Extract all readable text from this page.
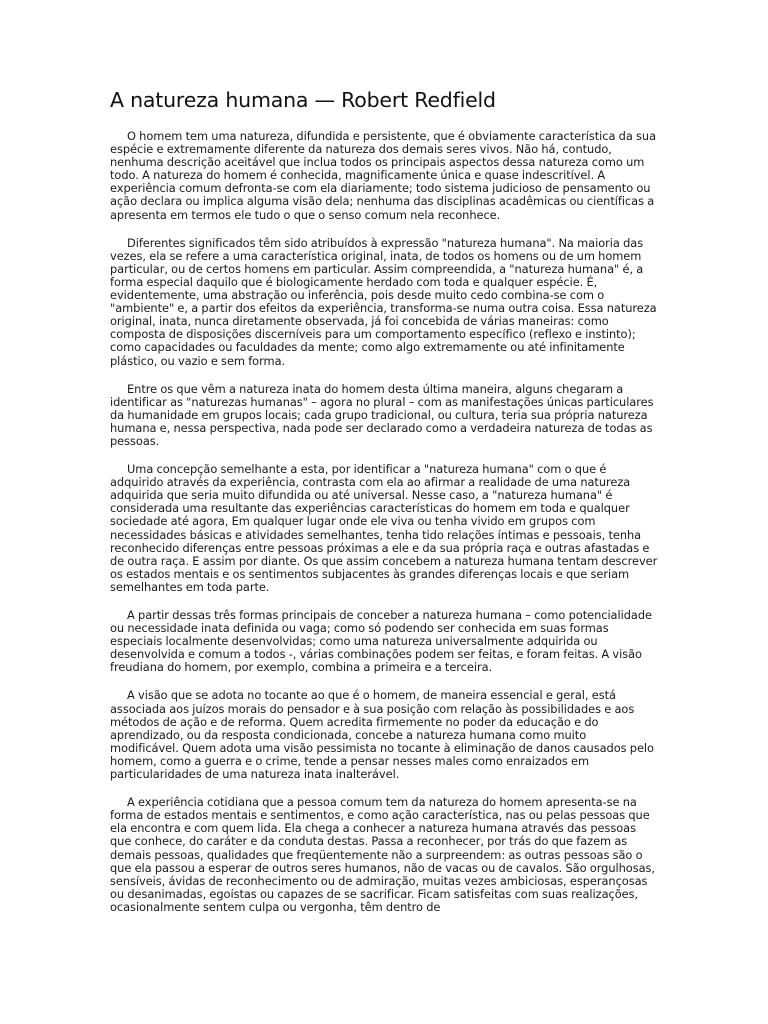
A natureza humana — Robert Redfield

O homem tem uma natureza, difundida e persistente, que é obviamente característica da sua espécie e extremamente diferente da natureza dos demais seres vivos. Não há, contudo, nenhuma descrição aceitável que inclua todos os principais aspectos dessa natureza como um todo. A natureza do homem é conhecida, magnificamente única e quase indescritível. A experiência comum defronta-se com ela diariamente; todo sistema judicioso de pensamento ou ação declara ou implica alguma visão dela; nenhuma das disciplinas acadêmicas ou científicas a apresenta em termos ele tudo o que o senso comum nela reconhece.

Diferentes significados têm sido atribuídos à expressão "natureza humana". Na maioria das vezes, ela se refere a uma característica original, inata, de todos os homens ou de um homem particular, ou de certos homens em particular. Assim compreendida, a "natureza humana" é, a forma especial daquilo que é biologicamente herdado com toda e qualquer espécie. É, evidentemente, uma abstração ou inferência, pois desde muito cedo combina-se com o "ambiente" e, a partir dos efeitos da experiência, transforma-se numa outra coisa. Essa natureza original, inata, nunca diretamente observada, já foi concebida de várias maneiras: como composta de disposições discerníveis para um comportamento específico (reflexo e instinto); como capacidades ou faculdades da mente; como algo extremamente ou até infinitamente plástico, ou vazio e sem forma.

Entre os que vêm a natureza inata do homem desta última maneira, alguns chegaram a identificar as "naturezas humanas" – agora no plural – com as manifestações únicas particulares da humanidade em grupos locais; cada grupo tradicional, ou cultura, teria sua própria natureza humana e, nessa perspectiva, nada pode ser declarado como a verdadeira natureza de todas as pessoas.

Uma concepção semelhante a esta, por identificar a "natureza humana" com o que é adquirido através da experiência, contrasta com ela ao afirmar a realidade de uma natureza adquirida que seria muito difundida ou até universal. Nesse caso, a "natureza humana" é considerada uma resultante das experiências características do homem em toda e qualquer sociedade até agora, Em qualquer lugar onde ele viva ou tenha vivido em grupos com necessidades básicas e atividades semelhantes, tenha tido relações íntimas e pessoais, tenha reconhecido diferenças entre pessoas próximas a ele e da sua própria raça e outras afastadas e de outra raça. E assim por diante. Os que assim concebem a natureza humana tentam descrever os estados mentais e os sentimentos subjacentes às grandes diferenças locais e que seriam semelhantes em toda parte.

A partir dessas três formas principais de conceber a natureza humana – como potencialidade ou necessidade inata definida ou vaga; como só podendo ser conhecida em suas formas especiais localmente desenvolvidas; como uma natureza universalmente adquirida ou desenvolvida e comum a todos -, várias combinações podem ser feitas, e foram feitas. A visão freudiana do homem, por exemplo, combina a primeira e a terceira.

A visão que se adota no tocante ao que é o homem, de maneira essencial e geral, está associada aos juízos morais do pensador e à sua posição com relação às possibilidades e aos métodos de ação e de reforma. Quem acredita firmemente no poder da educação e do aprendizado, ou da resposta condicionada, concebe a natureza humana como muito modificável. Quem adota uma visão pessimista no tocante à eliminação de danos causados pelo homem, como a guerra e o crime, tende a pensar nesses males como enraizados em particularidades de uma natureza inata inalterável.

A experiência cotidiana que a pessoa comum tem da natureza do homem apresenta-se na forma de estados mentais e sentimentos, e como ação característica, nas ou pelas pessoas que ela encontra e com quem lida. Ela chega a conhecer a natureza humana através das pessoas que conhece, do caráter e da conduta destas. Passa a reconhecer, por trás do que fazem as demais pessoas, qualidades que freqüentemente não a surpreendem: as outras pessoas são o que ela passou a esperar de outros seres humanos, não de vacas ou de cavalos. São orgulhosas, sensíveis, ávidas de reconhecimento ou de admiração, muitas vezes ambiciosas, esperançosas ou desanimadas, egoístas ou capazes de se sacrificar. Ficam satisfeitas com suas realizações, ocasionalmente sentem culpa ou vergonha, têm dentro de
